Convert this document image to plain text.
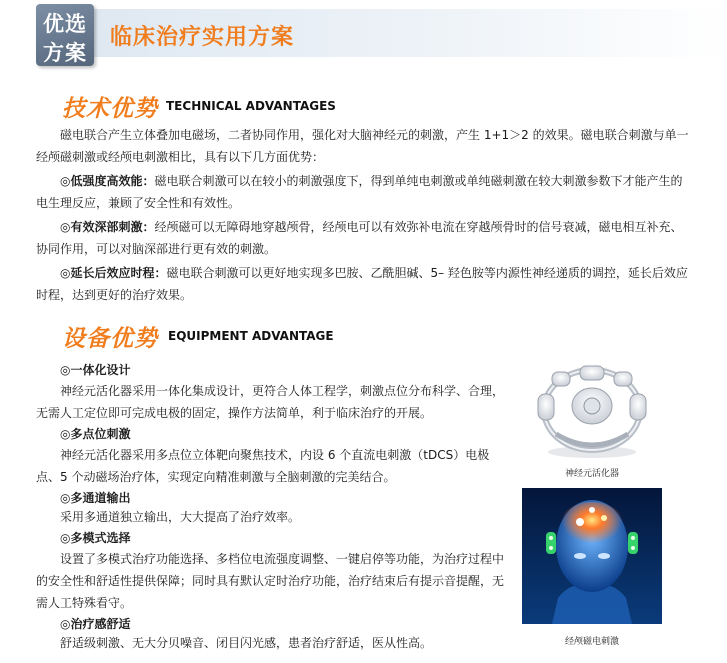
优选
方案
临床治疗实用方案
技术优势 TECHNICAL ADVANTAGES

磁电联合产生立体叠加电磁场，二者协同作用，强化对大脑神经元的刺激，产生 1+1＞2 的效果。磁电联合刺激与单一经颅磁刺激或经颅电刺激相比，具有以下几方面优势：

◎低强度高效能：磁电联合刺激可以在较小的刺激强度下，得到单纯电刺激或单纯磁刺激在较大刺激参数下才能产生的电生理反应，兼顾了安全性和有效性。

◎有效深部刺激：经颅磁可以无障碍地穿越颅骨，经颅电可以有效弥补电流在穿越颅骨时的信号衰减，磁电相互补充、协同作用，可以对脑深部进行更有效的刺激。

◎延长后效应时程：磁电联合刺激可以更好地实现多巴胺、乙酰胆碱、5– 羟色胺等内源性神经递质的调控，延长后效应时程，达到更好的治疗效果。

设备优势 EQUIPMENT ADVANTAGE
◎一体化设计

神经元活化器采用一体化集成设计，更符合人体工程学，刺激点位分布科学、合理，无需人工定位即可完成电极的固定，操作方法简单，利于临床治疗的开展。

◎多点位刺激

神经元活化器采用多点位立体靶向聚焦技术，内设 6 个直流电刺激（tDCS）电极点、5 个动磁场治疗体，实现定向精准刺激与全脑刺激的完美结合。

◎多通道输出

采用多通道独立输出，大大提高了治疗效率。

◎多模式选择

设置了多模式治疗功能选择、多档位电流强度调整、一键启停等功能，为治疗过程中的安全性和舒适性提供保障；同时具有默认定时治疗功能，治疗结束后有提示音提醒，无需人工特殊看守。

◎治疗感舒适

舒适级刺激、无大分贝噪音、闭目闪光感，患者治疗舒适，医从性高。

神经元活化器
经颅磁电刺激
